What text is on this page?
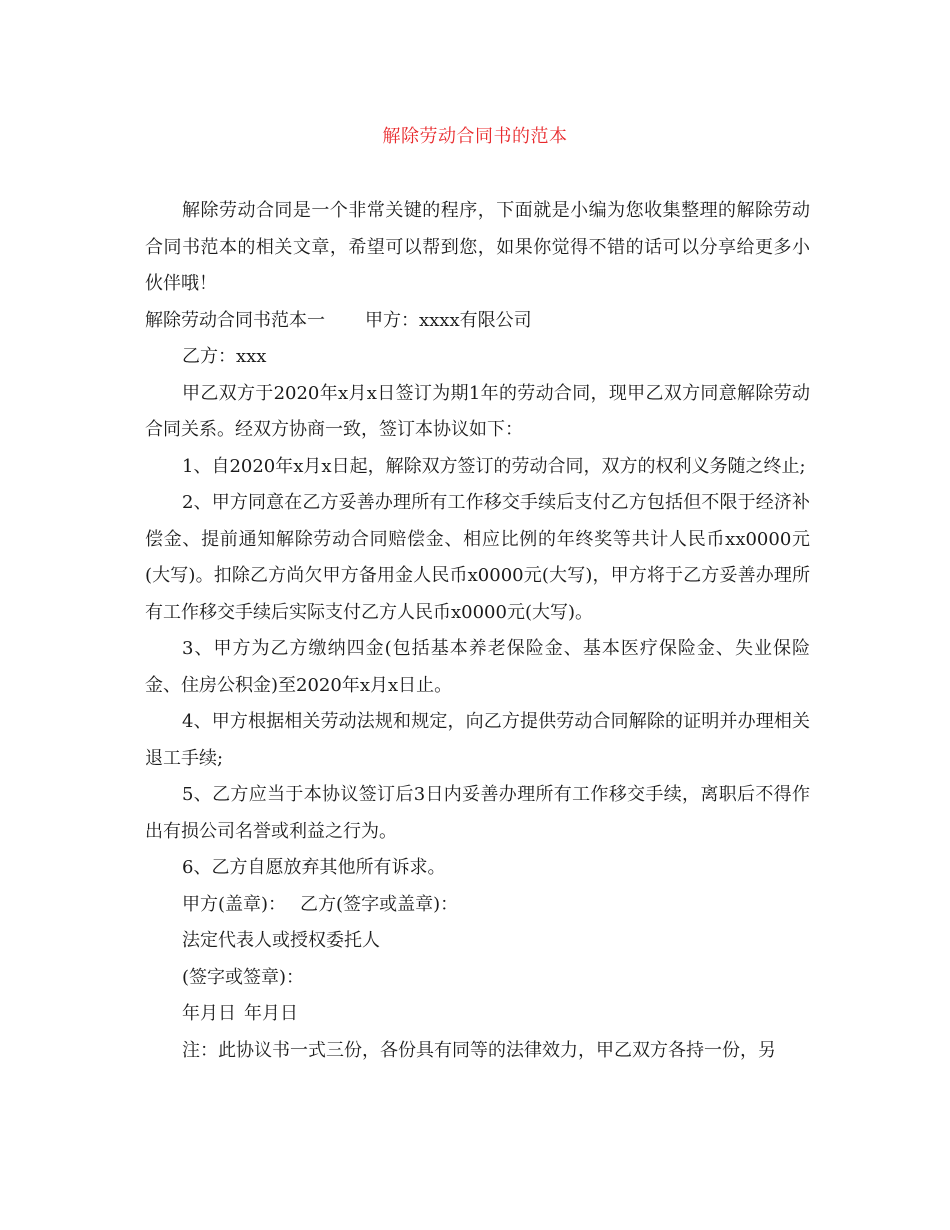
解除劳动合同书的范本

解除劳动合同是一个非常关键的程序，下面就是小编为您收集整理的解除劳动合同书范本的相关文章，希望可以帮到您，如果你觉得不错的话可以分享给更多小伙伴哦！

解除劳动合同书范本一 甲方：xxxx有限公司

乙方：xxx

甲乙双方于2020年x月x日签订为期1年的劳动合同，现甲乙双方同意解除劳动合同关系。经双方协商一致，签订本协议如下：

1、自2020年x月x日起，解除双方签订的劳动合同，双方的权利义务随之终止;

2、甲方同意在乙方妥善办理所有工作移交手续后支付乙方包括但不限于经济补偿金、提前通知解除劳动合同赔偿金、相应比例的年终奖等共计人民币xx0000元(大写)。扣除乙方尚欠甲方备用金人民币x0000元(大写)，甲方将于乙方妥善办理所有工作移交手续后实际支付乙方人民币x0000元(大写)。

3、甲方为乙方缴纳四金(包括基本养老保险金、基本医疗保险金、失业保险金、住房公积金)至2020年x月x日止。

4、甲方根据相关劳动法规和规定，向乙方提供劳动合同解除的证明并办理相关退工手续;

5、乙方应当于本协议签订后3日内妥善办理所有工作移交手续，离职后不得作出有损公司名誉或利益之行为。

6、乙方自愿放弃其他所有诉求。

甲方(盖章)： 乙方(签字或盖章)：

法定代表人或授权委托人

(签字或签章)：

年月日 年月日

注：此协议书一式三份，各份具有同等的法律效力，甲乙双方各持一份，另
